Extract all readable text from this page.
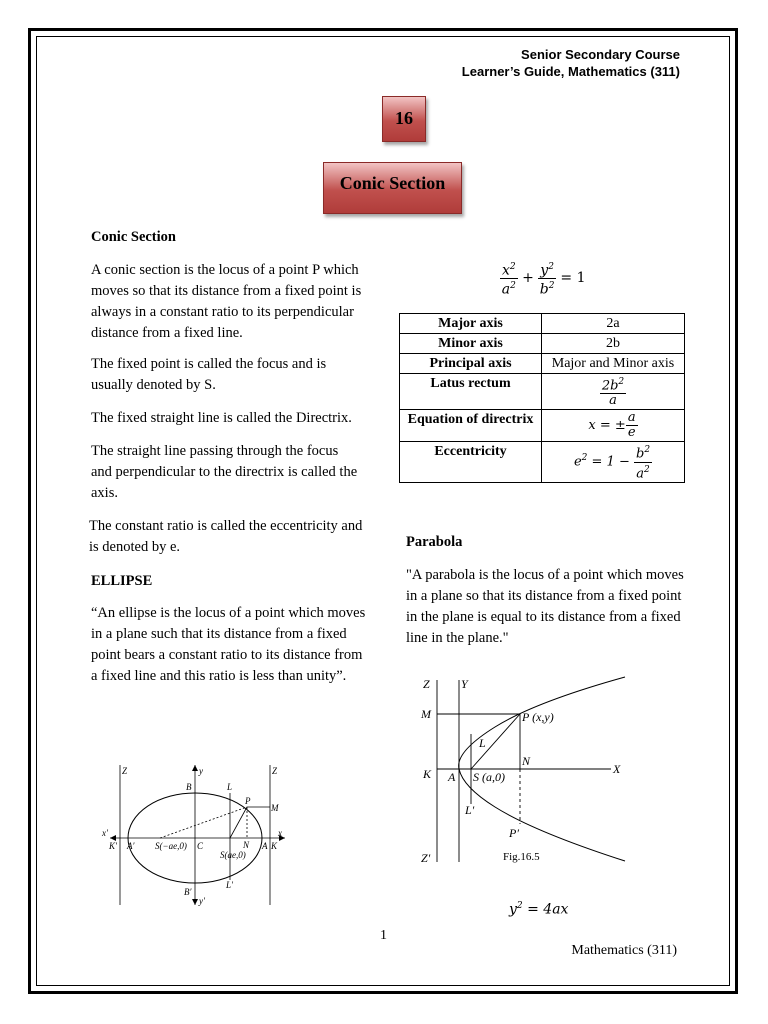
Senior Secondary Course
Learner’s Guide, Mathematics (311)
16
Conic Section
Conic Section
A conic section is the locus of a point P which moves so that its distance from a fixed point is always in a constant ratio to its perpendicular distance from a fixed line.
The fixed point is called the focus and is usually denoted by S.
The fixed straight line is called the Directrix.
The straight line passing through the focus and perpendicular to the directrix is called the axis.
The constant ratio is called the eccentricity and is denoted by e.
ELLIPSE
“An ellipse is the locus of a point which moves in a plane such that its distance from a fixed point bears a constant ratio to its distance from a fixed line and this ratio is less than unity”.
$\frac{x^2}{a^2} + \frac{y^2}{b^2} = 1$
Major axis	2a
Minor axis	2b
Principal axis	Major and Minor axis
Latus rectum	$\frac{2b^2}{a}$

Equation of directrix	x = ± $\frac{a}{e}$

Eccentricity	$e^2 = 1 - \frac{b^2}{a^2}$
Parabola
"A parabola is the locus of a point which moves in a plane so that its distance from a fixed point in the plane is equal to its distance from a fixed line in the plane."
Z	Z
y
y′
B
B′
L
L′
P
M
x
x′
K′ A′ S(−ae,0) C
S(ae,0)
N A K
Z	Y
M	P (x,y)
L
K A S (a,0)
N
X
L′
P′
Z′	Fig.16.5
$y^2 = 4ax$
1
Mathematics (311)
